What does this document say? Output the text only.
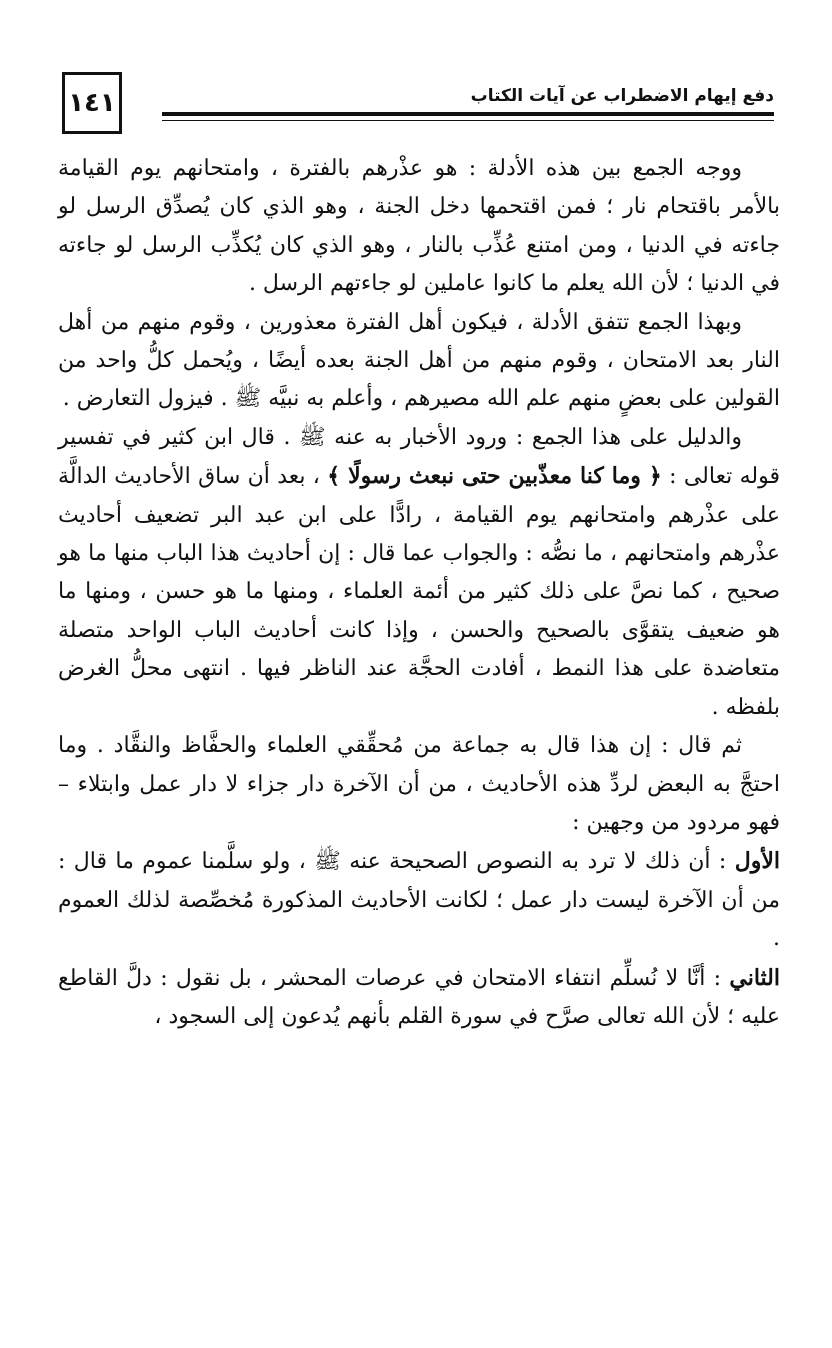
١٤١	دفع إيهام الاضطراب عن آيات الكتاب

ووجه الجمع بين هذه الأدلة : هو عذْرهم بالفترة ، وامتحانهم يوم القيامة بالأمر باقتحام نار ؛ فمن اقتحمها دخل الجنة ، وهو الذي كان يُصدِّق الرسل لو جاءته في الدنيا ، ومن امتنع عُذِّب بالنار ، وهو الذي كان يُكذِّب الرسل لو جاءته في الدنيا ؛ لأن الله يعلم ما كانوا عاملين لو جاءتهم الرسل .

وبهذا الجمع تتفق الأدلة ، فيكون أهل الفترة معذورين ، وقوم منهم من أهل النار بعد الامتحان ، وقوم منهم من أهل الجنة بعده أيضًا ، ويُحمل كلُّ واحد من القولين على بعضٍ منهم علم الله مصيرهم ، وأعلم به نبيَّه ﷺ . فيزول التعارض .

والدليل على هذا الجمع : ورود الأخبار به عنه ﷺ . قال ابن كثير في تفسير قوله تعالى : ﴿ وما كنا معذّبين حتى نبعث رسولًا ﴾ ، بعد أن ساق الأحاديث الدالَّة على عذْرهم وامتحانهم يوم القيامة ، رادًّا على ابن عبد البر تضعيف أحاديث عذْرهم وامتحانهم ، ما نصُّه : والجواب عما قال : إن أحاديث هذا الباب منها ما هو صحيح ، كما نصَّ على ذلك كثير من أئمة العلماء ، ومنها ما هو حسن ، ومنها ما هو ضعيف يتقوَّى بالصحيح والحسن ، وإذا كانت أحاديث الباب الواحد متصلة متعاضدة على هذا النمط ، أفادت الحجَّة عند الناظر فيها . انتهى محلُّ الغرض بلفظه .

ثم قال : إن هذا قال به جماعة من مُحقِّقي العلماء والحفَّاظ والنقَّاد . وما احتجَّ به البعض لردِّ هذه الأحاديث ، من أن الآخرة دار جزاء لا دار عمل وابتلاء – فهو مردود من وجهين :

الأول : أن ذلك لا ترد به النصوص الصحيحة عنه ﷺ ، ولو سلَّمنا عموم ما قال : من أن الآخرة ليست دار عمل ؛ لكانت الأحاديث المذكورة مُخصِّصة لذلك العموم .

الثاني : أنَّا لا نُسلِّم انتفاء الامتحان في عرصات المحشر ، بل نقول : دلَّ القاطع عليه ؛ لأن الله تعالى صرَّح في سورة القلم بأنهم يُدعون إلى السجود ،
